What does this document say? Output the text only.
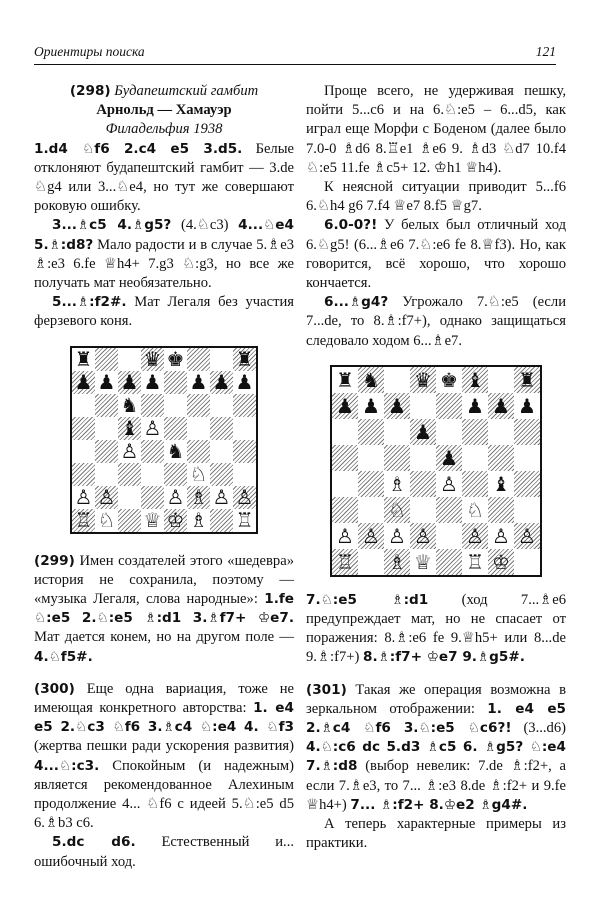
Ориентиры поиска	121

(298) Будапештский гамбит

Арнольд — Хамауэр

Филадельфия 1938

1.d4 ♘f6 2.c4 e5 3.d5. Белые отклоняют будапештский гамбит — 3.de ♘g4 или 3...♘e4, но тут же совершают роковую ошибку.

3...♗c5 4.♗g5? (4.♘c3) 4...♘e4 5.♗:d8? Мало радости и в случае 5.♗e3 ♗:e3 6.fe ♕h4+ 7.g3 ♘:g3, но все же получать мат необязательно.

5...♗:f2#. Мат Легаля без участия ферзевого коня.

♜	♛ ♚	♜
♟ ♟ ♟ ♟ ♟ ♟ ♟
♞
♝ ♙
♙ ♞
♘
♙ ♙	♙ ♗ ♙ ♙
♖ ♘ ♕ ♔ ♗ ♖

(299) Имен создателей этого «шедевра» история не сохранила, поэтому — «музыка Легаля, слова народные»: 1.fe ♘:e5 2.♘:e5 ♗:d1 3.♗f7+ ♔e7. Мат дается конем, но на другом поле — 4.♘f5#.

(300) Еще одна вариация, тоже не имеющая конкретного авторства: 1. e4 e5 2.♘c3 ♘f6 3.♗c4 ♘:e4 4. ♘f3 (жертва пешки ради ускорения развития) 4...♘:c3. Спокойным (и надежным) является рекомендованное Алехиным продолжение 4... ♘f6 с идеей 5.♘:e5 d5 6.♗b3 c6.

5.dc d6. Естественный и... ошибочный ход.

Проще всего, не удерживая пешку, пойти 5...c6 и на 6.♘:e5 – 6...d5, как играл еще Морфи с Боденом (далее было 7.0-0 ♗d6 8.♖e1 ♗e6 9. ♗d3 ♘d7 10.f4 ♘:e5 11.fe ♗c5+ 12. ♔h1 ♕h4).

К неясной ситуации приводит 5...f6 6.♘h4 g6 7.f4 ♕e7 8.f5 ♕g7.

6.0-0?! У белых был отличный ход 6.♘g5! (6...♗e6 7.♘:e6 fe 8.♕f3). Но, как говорится, всё хорошо, что хорошо кончается.

6...♗g4? Угрожало 7.♘:e5 (если 7...de, то 8.♗:f7+), однако защищаться следовало ходом 6...♗e7.

♜ ♞ ♛ ♚ ♝ ♜
♟ ♟ ♟	♟ ♟ ♟
♟
♟
♗ ♙ ♝
♘	♘
♙ ♙ ♙ ♙ ♙ ♙ ♙
♖ ♗ ♕ ♖ ♔

7.♘:e5 ♗:d1 (ход 7...♗e6 предупреждает мат, но не спасает от поражения: 8.♗:e6 fe 9.♕h5+ или 8...de 9.♗:f7+) 8.♗:f7+ ♔e7 9.♗g5#.

(301) Такая же операция возможна в зеркальном отображении: 1. e4 e5 2.♗c4 ♘f6 3.♘:e5 ♘c6?! (3...d6) 4.♘:c6 dc 5.d3 ♗c5 6. ♗g5? ♘:e4 7.♗:d8 (выбор невелик: 7.de ♗:f2+, а если 7.♗e3, то 7... ♗:e3 8.de ♗:f2+ и 9.fe ♕h4+) 7... ♗:f2+ 8.♔e2 ♗g4#.

А теперь характерные примеры из практики.
